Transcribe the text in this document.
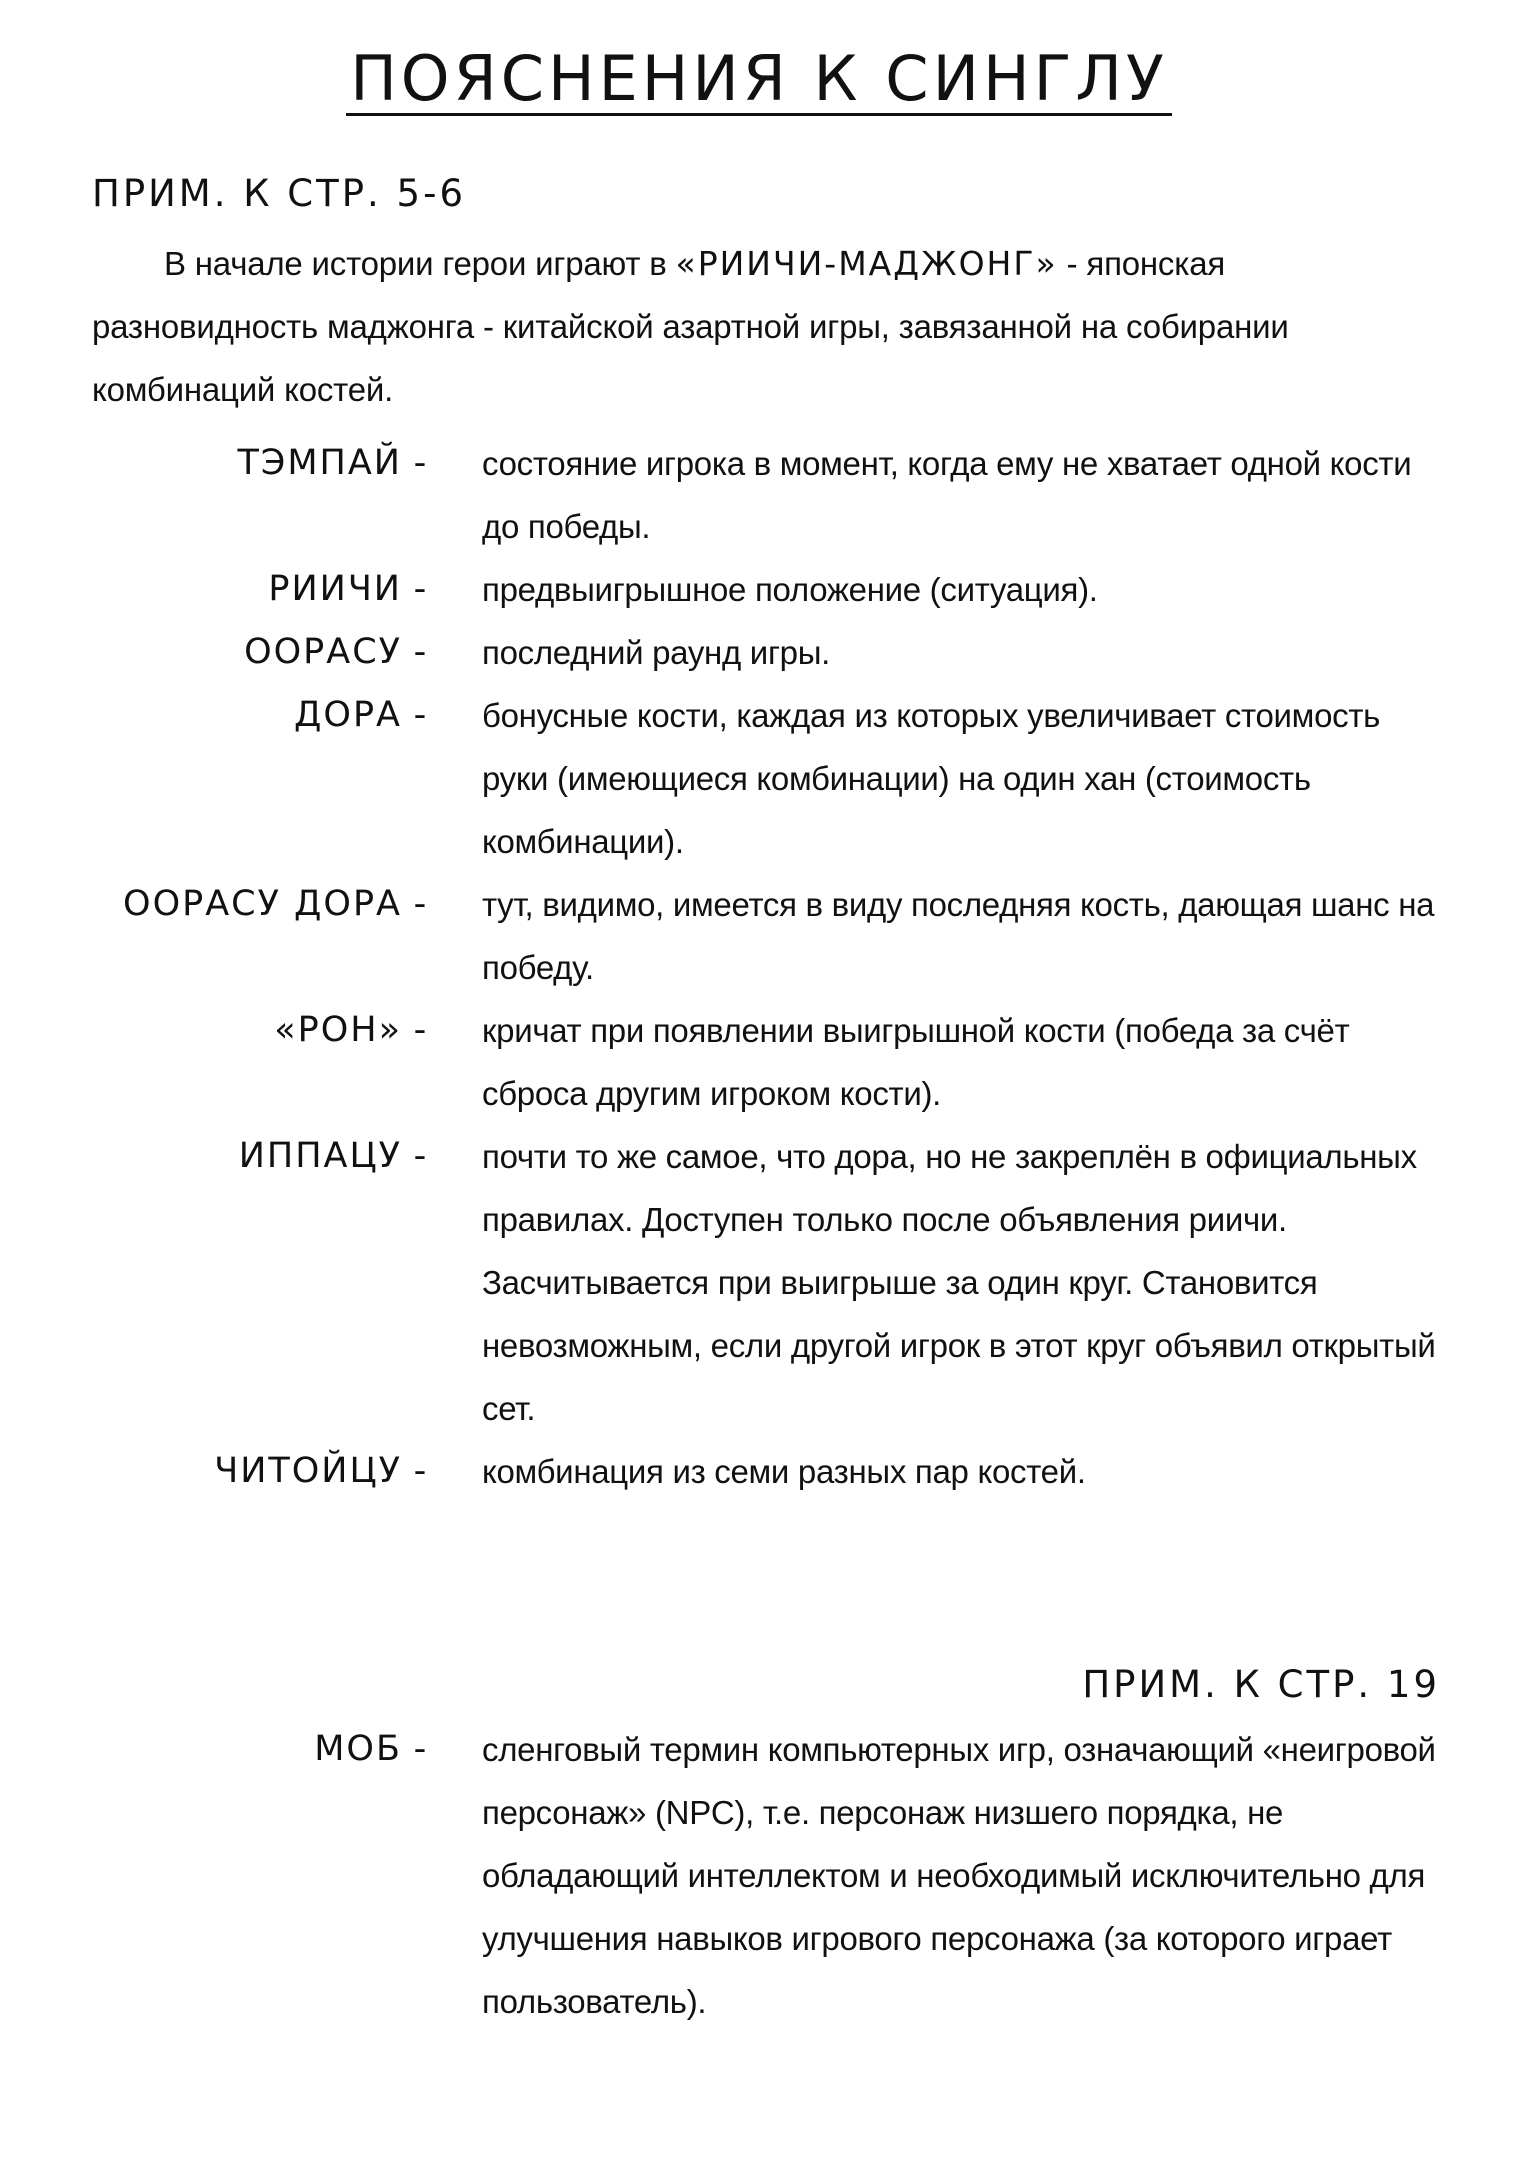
ПОЯСНЕНИЯ К СИНГЛУ
ПРИМ. К СТР. 5-6
В начале истории герои играют в «РИИЧИ-МАДЖОНГ» - японская разновидность маджонга - китайской азартной игры, завязанной на собирании комбинаций костей.
ТЭМПАЙ -	состояние игрока в момент, когда ему не хватает одной кости до победы.
РИИЧИ -	предвыигрышное положение (ситуация).
ООРАСУ -	последний раунд игры.
ДОРА -	бонусные кости, каждая из которых увеличивает стоимость руки (имеющиеся комбинации) на один хан (стоимость комбинации).
ООРАСУ ДОРА -	тут, видимо, имеется в виду последняя кость, дающая шанс на победу.
«РОН» -	кричат при появлении выигрышной кости (победа за счёт сброса другим игроком кости).
ИППАЦУ -	почти то же самое, что дора, но не закреплён в официальных правилах. Доступен только после объявления риичи. Засчитывается при выигрыше за один круг. Становится невозможным, если другой игрок в этот круг объявил открытый сет.
ЧИТОЙЦУ -	комбинация из семи разных пар костей.
ПРИМ. К СТР. 19
МОБ -	сленговый термин компьютерных игр, означающий «неигровой персонаж» (NPC), т.е. персонаж низшего порядка, не обладающий интеллектом и необходимый исключительно для улучшения навыков игрового персонажа (за которого играет пользователь).
